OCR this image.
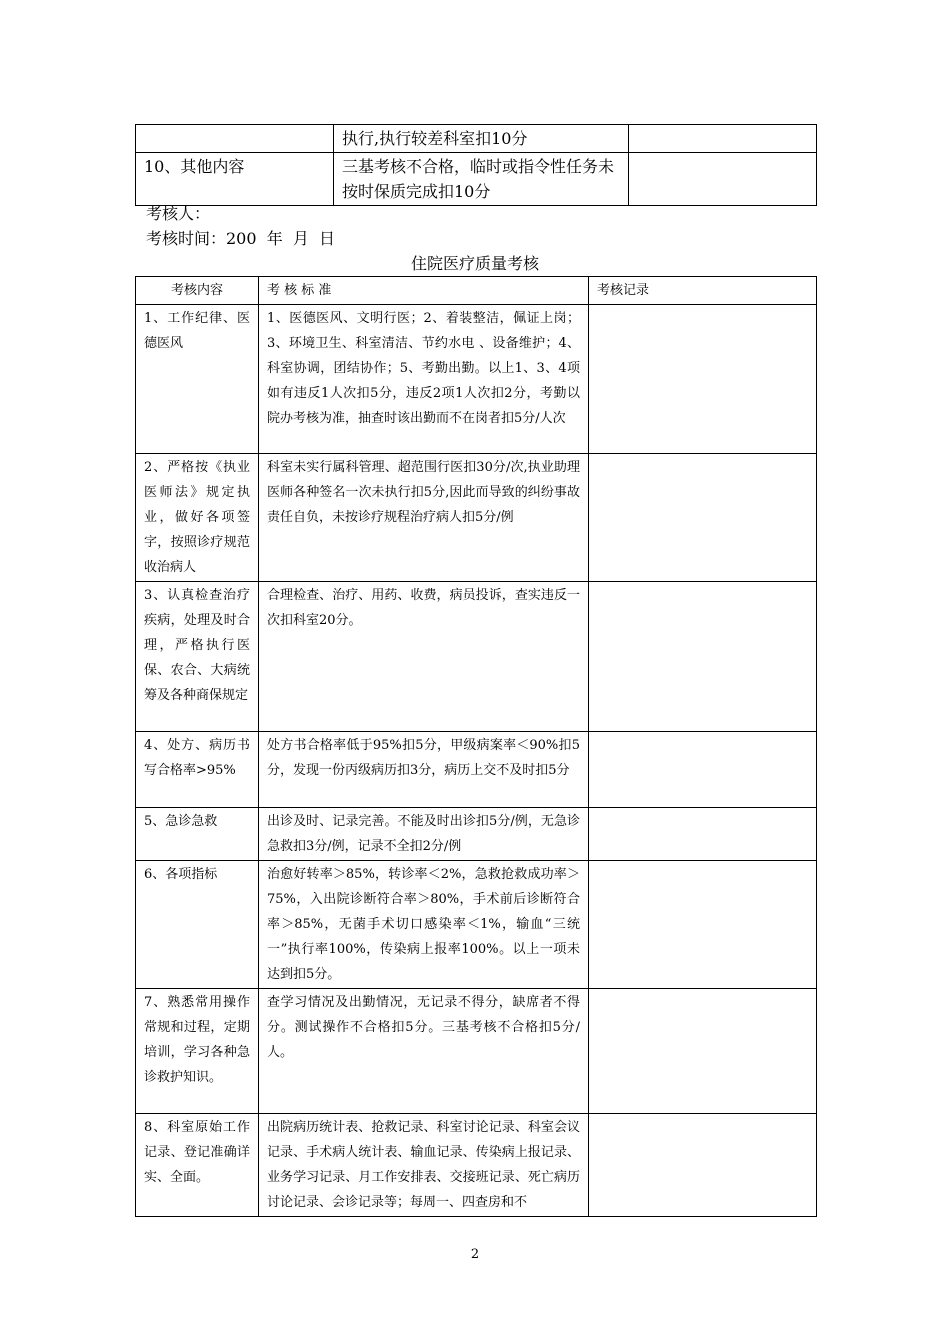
	执行,执行较差科室扣10分	
10、其他内容	三基考核不合格，临时或指令性任务未按时保质完成扣10分	
考核人：
考核时间：200  年  月  日
住院医疗质量考核
考核内容	考 核 标 准	考核记录
1、工作纪律、医德医风	1、医德医风、文明行医；2、着装整洁，佩证上岗；3、环境卫生、科室清洁、节约水电 、设备维护；4、科室协调，团结协作；5、考勤出勤。以上1、3、4项如有违反1人次扣5分，违反2项1人次扣2分，考勤以院办考核为准，抽查时该出勤而不在岗者扣5分/人次	
2、严格按《执业医师法》规定执业，做好各项签字，按照诊疗规范收治病人	科室未实行属科管理、超范围行医扣30分/次,执业助理医师各种签名一次未执行扣5分,因此而导致的纠纷事故责任自负，未按诊疗规程治疗病人扣5分/例	
3、认真检查治疗疾病，处理及时合理，严格执行医保、农合、大病统筹及各种商保规定	合理检查、治疗、用药、收费，病员投诉，查实违反一次扣科室20分。	
4、处方、病历书写合格率>95%	处方书合格率低于95%扣5分，甲级病案率＜90%扣5分，发现一份丙级病历扣3分，病历上交不及时扣5分	
5、急诊急救	出诊及时、记录完善。不能及时出诊扣5分/例，无急诊急救扣3分/例，记录不全扣2分/例	
6、各项指标	治愈好转率＞85%，转诊率＜2%，急救抢救成功率＞75%，入出院诊断符合率＞80%，手术前后诊断符合率＞85%，无菌手术切口感染率＜1%，输血“三统一”执行率100%，传染病上报率100%。以上一项未达到扣5分。	
7、熟悉常用操作常规和过程，定期培训，学习各种急诊救护知识。	查学习情况及出勤情况，无记录不得分，缺席者不得分。测试操作不合格扣5分。三基考核不合格扣5分/人。	
8、科室原始工作记录、登记准确详实、全面。	出院病历统计表、抢救记录、科室讨论记录、科室会议记录、手术病人统计表、输血记录、传染病上报记录、业务学习记录、月工作安排表、交接班记录、死亡病历讨论记录、会诊记录等；每周一、四查房和不	
2
